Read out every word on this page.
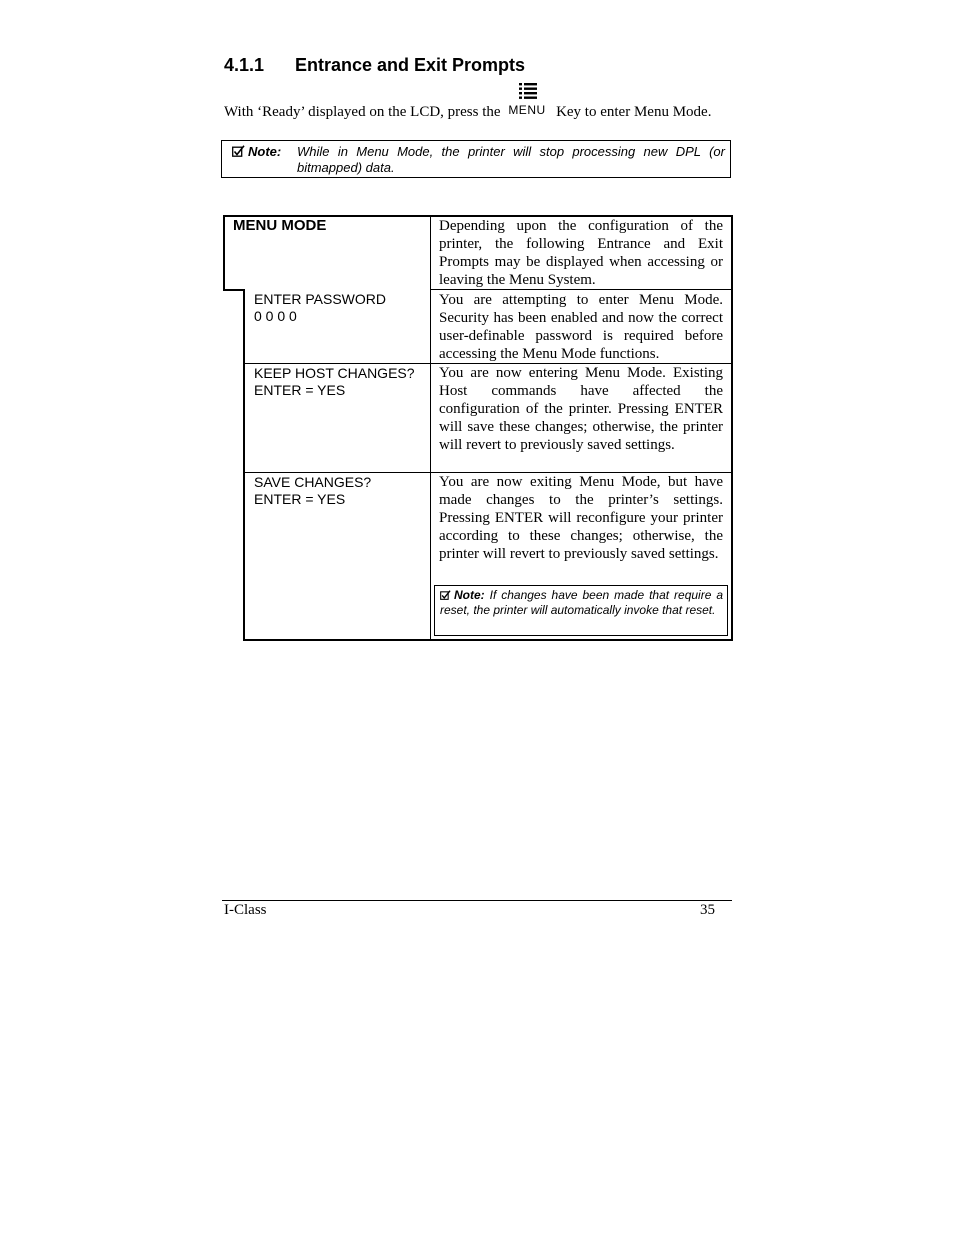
4.1.1 Entrance and Exit Prompts
With ‘Ready’ displayed on the LCD, press the MENU Key to enter Menu Mode.
Note: While in Menu Mode, the printer will stop processing new DPL (or bitmapped) data.
MENU MODE	Depending upon the configuration of the printer, the following Entrance and Exit Prompts may be displayed when accessing or leaving the Menu System.
ENTER PASSWORD
0 0 0 0
You are attempting to enter Menu Mode. Security has been enabled and now the correct user-definable password is required before accessing the Menu Mode functions.
KEEP HOST CHANGES?
ENTER = YES
You are now entering Menu Mode. Existing Host commands have affected the configuration of the printer. Pressing ENTER will save these changes; otherwise, the printer will revert to previously saved settings.
SAVE CHANGES?
ENTER = YES
You are now exiting Menu Mode, but have made changes to the printer’s settings. Pressing ENTER will reconfigure your printer according to these changes; otherwise, the printer will revert to previously saved settings.
Note: If changes have been made that require a reset, the printer will automatically invoke that reset.
I-Class	35
